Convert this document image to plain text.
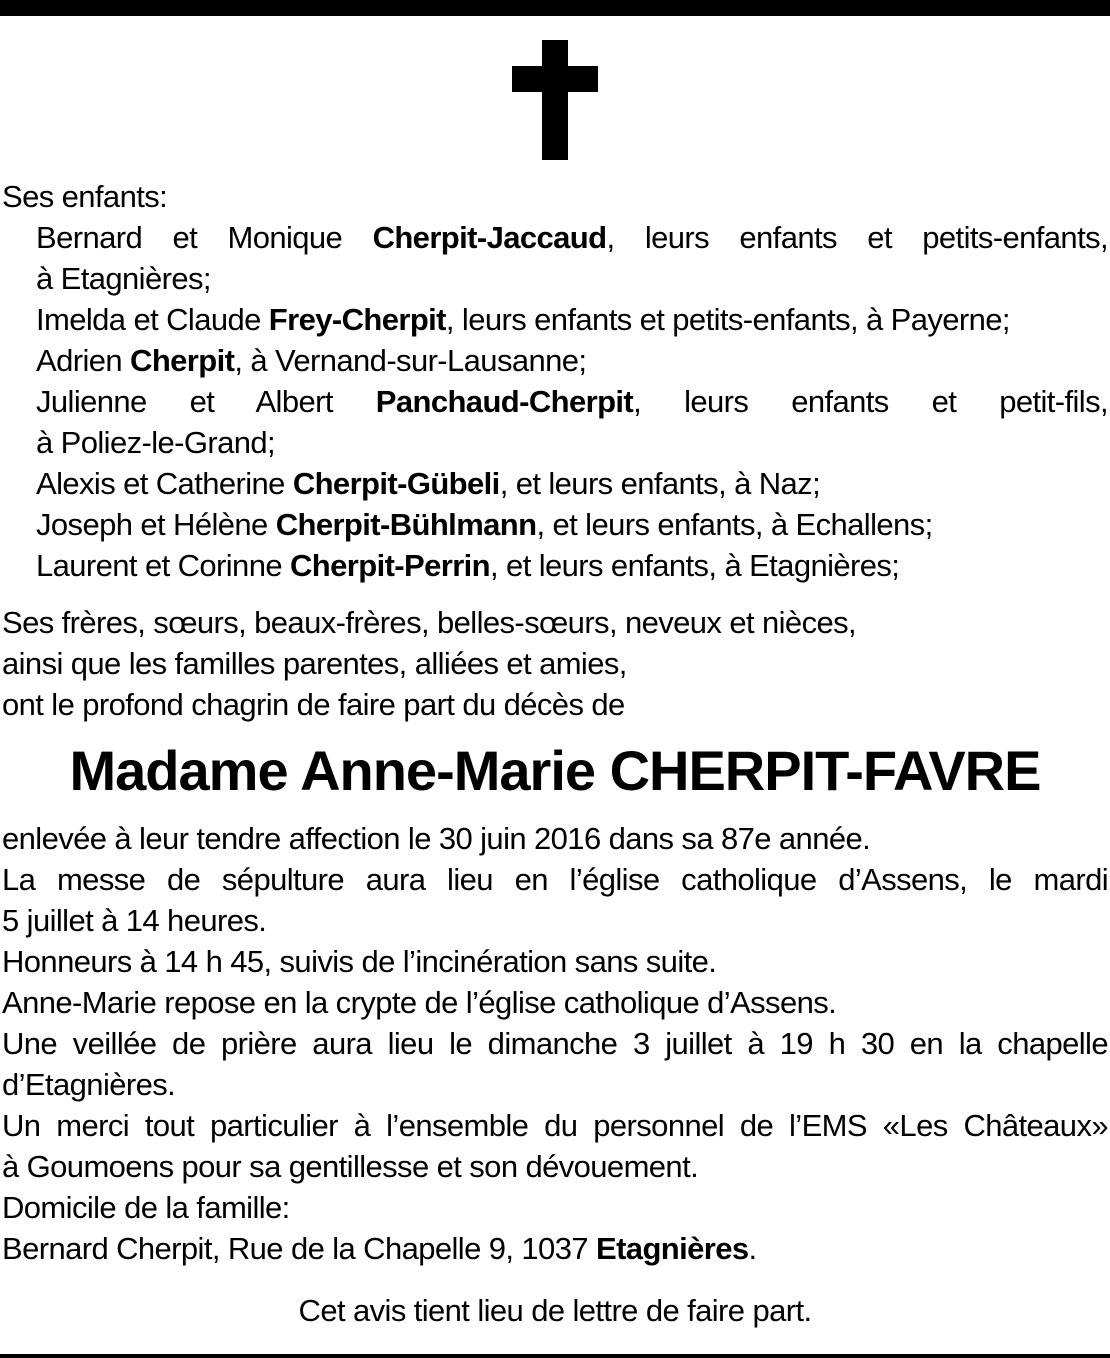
Ses enfants:
Bernard et Monique Cherpit-Jaccaud, leurs enfants et petits-enfants,
à Etagnières;
Imelda et Claude Frey-Cherpit, leurs enfants et petits-enfants, à Payerne;
Adrien Cherpit, à Vernand-sur-Lausanne;
Julienne et Albert Panchaud-Cherpit, leurs enfants et petit-fils,
à Poliez-le-Grand;
Alexis et Catherine Cherpit-Gübeli, et leurs enfants, à Naz;
Joseph et Hélène Cherpit-Bühlmann, et leurs enfants, à Echallens;
Laurent et Corinne Cherpit-Perrin, et leurs enfants, à Etagnières;
Ses frères, sœurs, beaux-frères, belles-sœurs, neveux et nièces,
ainsi que les familles parentes, alliées et amies,
ont le profond chagrin de faire part du décès de
Madame Anne-Marie CHERPIT-FAVRE
enlevée à leur tendre affection le 30 juin 2016 dans sa 87e année.
La messe de sépulture aura lieu en l’église catholique d’Assens, le mardi
5 juillet à 14 heures.
Honneurs à 14 h 45, suivis de l’incinération sans suite.
Anne-Marie repose en la crypte de l’église catholique d’Assens.
Une veillée de prière aura lieu le dimanche 3 juillet à 19 h 30 en la chapelle
d’Etagnières.
Un merci tout particulier à l’ensemble du personnel de l’EMS «Les Châteaux»
à Goumoens pour sa gentillesse et son dévouement.
Domicile de la famille:
Bernard Cherpit, Rue de la Chapelle 9, 1037 Etagnières.
Cet avis tient lieu de lettre de faire part.
